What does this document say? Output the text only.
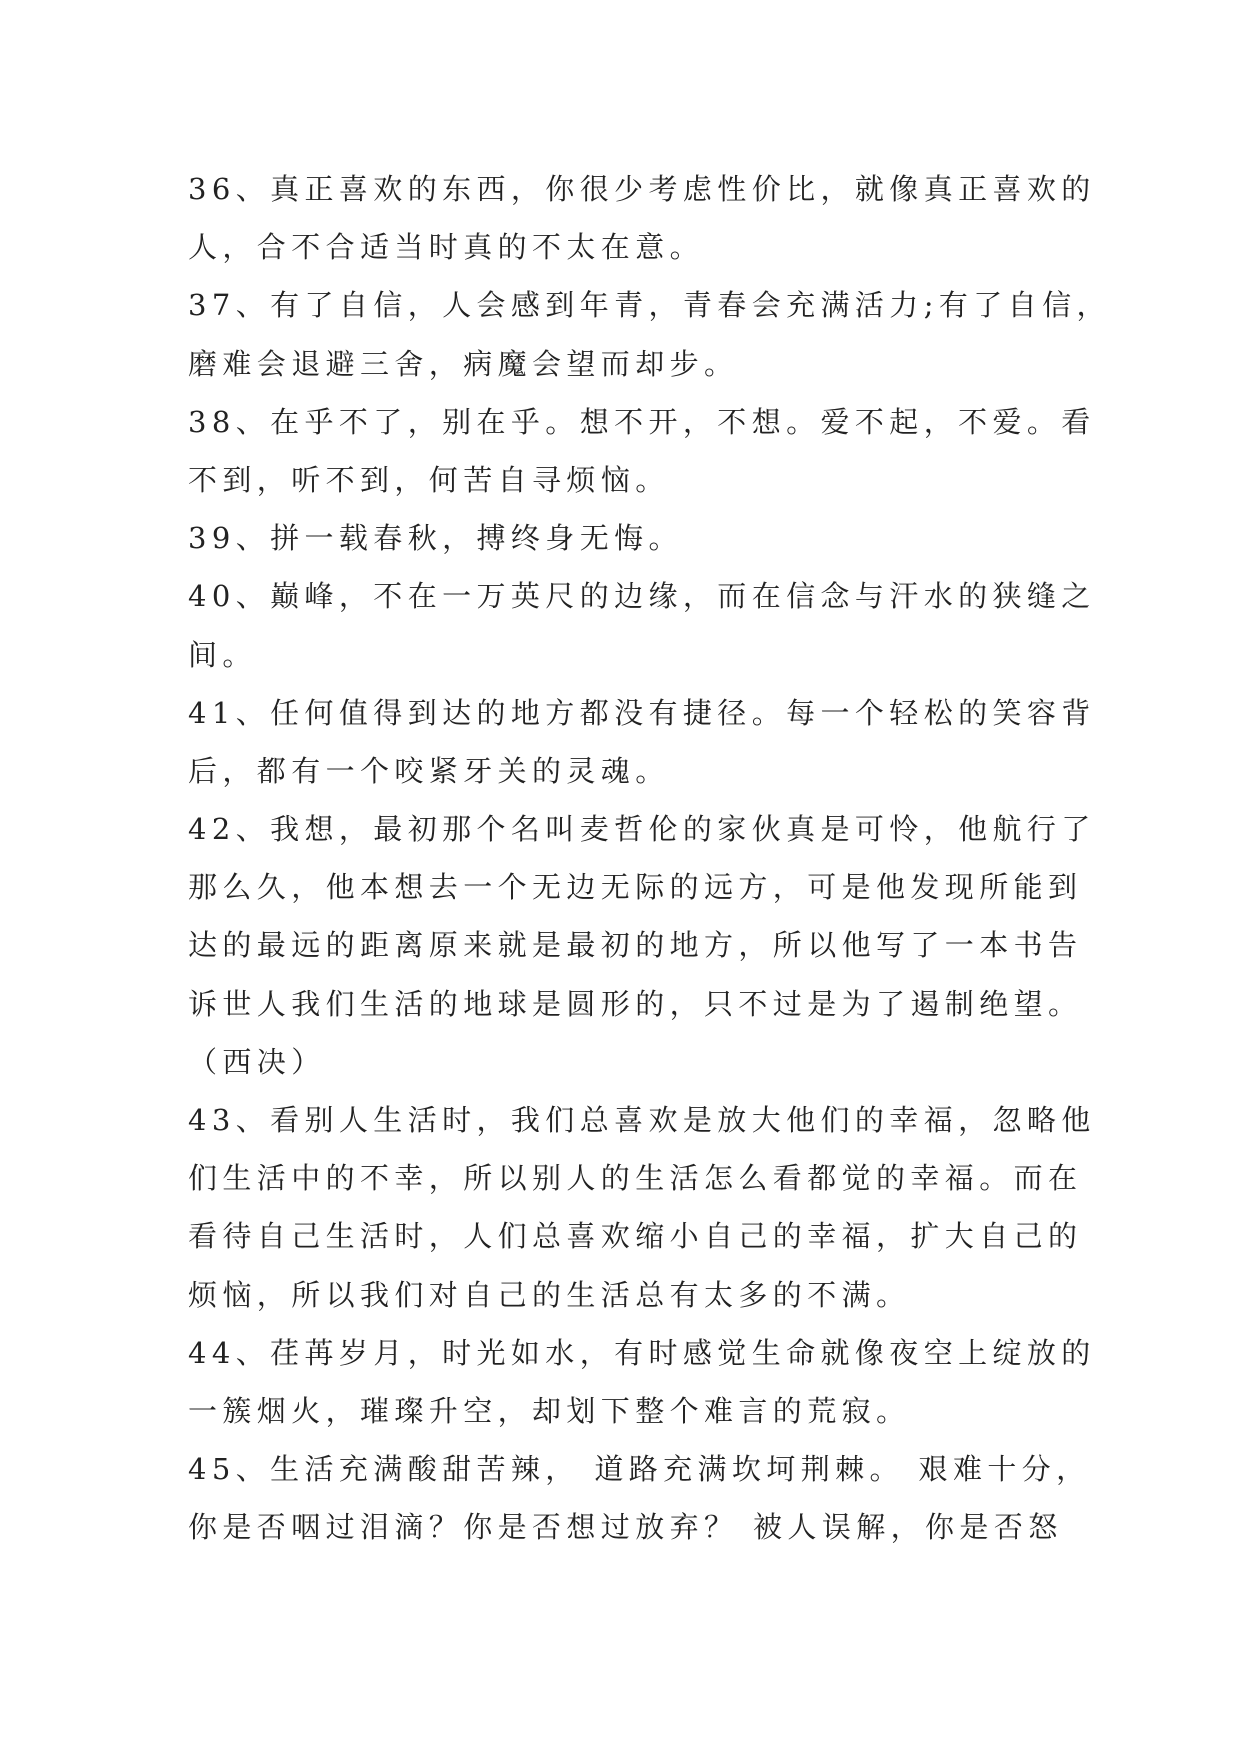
36、真正喜欢的东西，你很少考虑性价比，就像真正喜欢的

人，合不合适当时真的不太在意。

37、有了自信，人会感到年青，青春会充满活力;有了自信，

磨难会退避三舍，病魔会望而却步。

38、在乎不了，别在乎。想不开，不想。爱不起，不爱。看

不到，听不到，何苦自寻烦恼。

39、拼一载春秋，搏终身无悔。

40、巅峰，不在一万英尺的边缘，而在信念与汗水的狭缝之

间。

41、任何值得到达的地方都没有捷径。每一个轻松的笑容背

后，都有一个咬紧牙关的灵魂。

42、我想，最初那个名叫麦哲伦的家伙真是可怜，他航行了

那么久，他本想去一个无边无际的远方，可是他发现所能到

达的最远的距离原来就是最初的地方，所以他写了一本书告

诉世人我们生活的地球是圆形的，只不过是为了遏制绝望。

（西决）

43、看别人生活时，我们总喜欢是放大他们的幸福，忽略他

们生活中的不幸，所以别人的生活怎么看都觉的幸福。而在

看待自己生活时，人们总喜欢缩小自己的幸福，扩大自己的

烦恼，所以我们对自己的生活总有太多的不满。

44、荏苒岁月，时光如水，有时感觉生命就像夜空上绽放的

一簇烟火，璀璨升空，却划下整个难言的荒寂。

45、生活充满酸甜苦辣， 道路充满坎坷荆棘。 艰难十分，

你是否咽过泪滴？你是否想过放弃？ 被人误解，你是否怒
